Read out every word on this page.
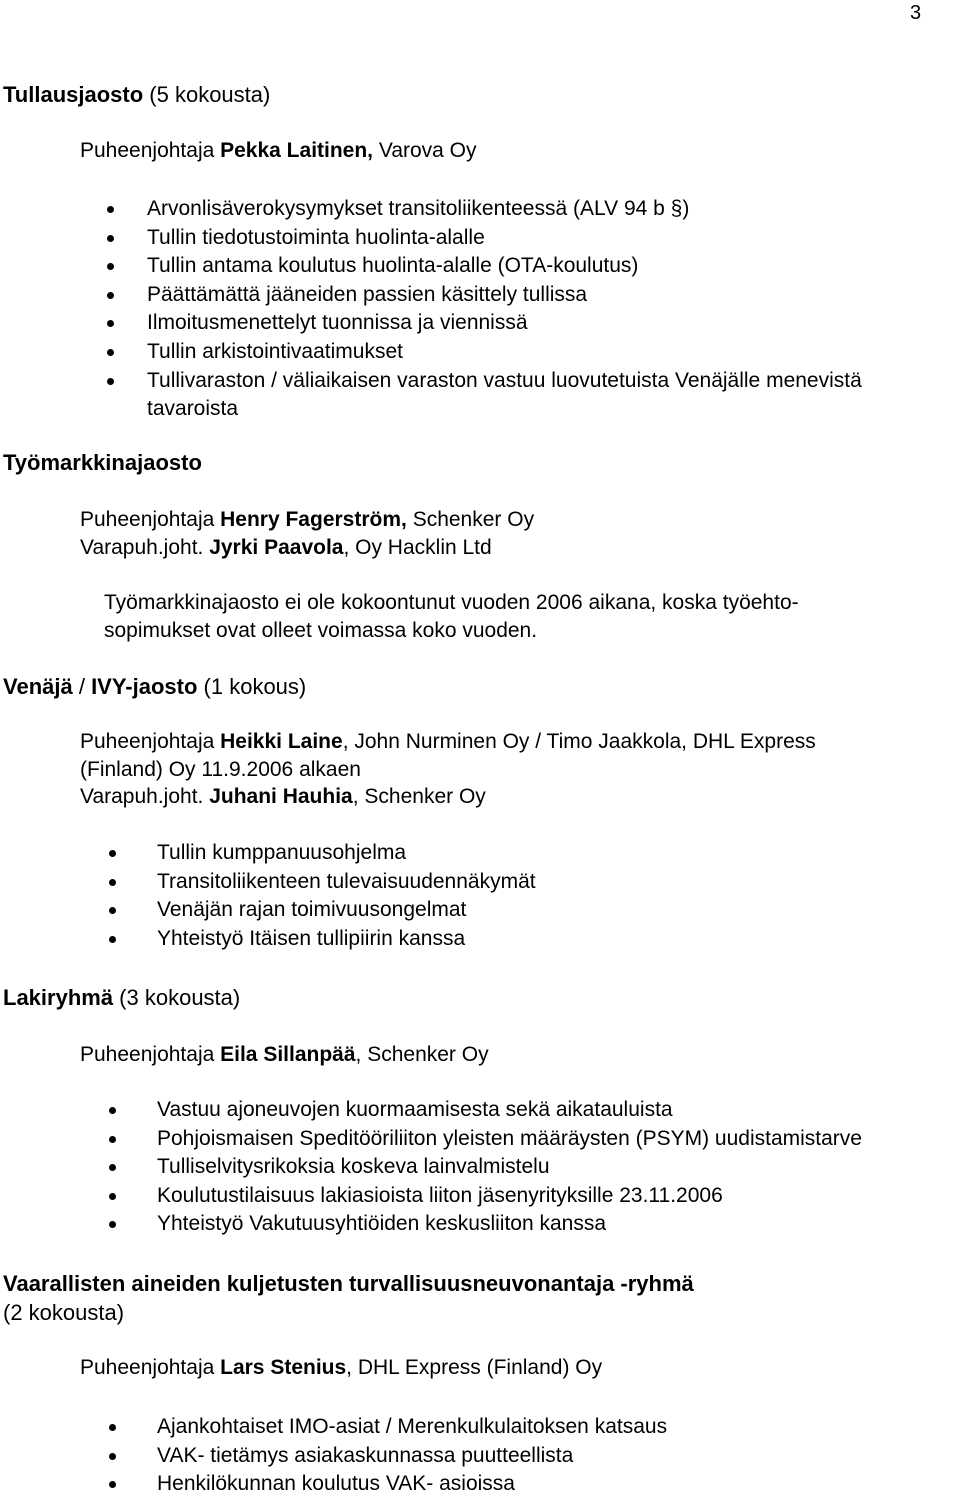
3
Tullausjaosto (5 kokousta)
Puheenjohtaja Pekka Laitinen, Varova Oy
Arvonlisäverokysymykset transitoliikenteessä (ALV 94 b §)
Tullin tiedotustoiminta huolinta-alalle
Tullin antama koulutus huolinta-alalle (OTA-koulutus)
Päättämättä jääneiden passien käsittely tullissa
Ilmoitusmenettelyt tuonnissa ja viennissä
Tullin arkistointivaatimukset
Tullivaraston / väliaikaisen varaston vastuu luovutetuista Venäjälle menevistä
tavaroista
Työmarkkinajaosto
Puheenjohtaja Henry Fagerström, Schenker Oy
Varapuh.joht. Jyrki Paavola, Oy Hacklin Ltd
Työmarkkinajaosto ei ole kokoontunut vuoden 2006 aikana, koska työehto-
sopimukset ovat olleet voimassa koko vuoden.
Venäjä / IVY-jaosto (1 kokous)
Puheenjohtaja Heikki Laine, John Nurminen Oy / Timo Jaakkola, DHL Express
(Finland) Oy 11.9.2006 alkaen
Varapuh.joht. Juhani Hauhia, Schenker Oy
Tullin kumppanuusohjelma
Transitoliikenteen tulevaisuudennäkymät
Venäjän rajan toimivuusongelmat
Yhteistyö Itäisen tullipiirin kanssa
Lakiryhmä (3 kokousta)
Puheenjohtaja Eila Sillanpää, Schenker Oy
Vastuu ajoneuvojen kuormaamisesta sekä aikatauluista
Pohjoismaisen Speditööriliiton yleisten määräysten (PSYM) uudistamistarve
Tulliselvitysrikoksia koskeva lainvalmistelu
Koulutustilaisuus lakiasioista liiton jäsenyrityksille 23.11.2006
Yhteistyö Vakutuusyhtiöiden keskusliiton kanssa
Vaarallisten aineiden kuljetusten turvallisuusneuvonantaja -ryhmä
(2 kokousta)
Puheenjohtaja Lars Stenius, DHL Express (Finland) Oy
Ajankohtaiset IMO-asiat / Merenkulkulaitoksen katsaus
VAK- tietämys asiakaskunnassa puutteellista
Henkilökunnan koulutus VAK- asioissa
